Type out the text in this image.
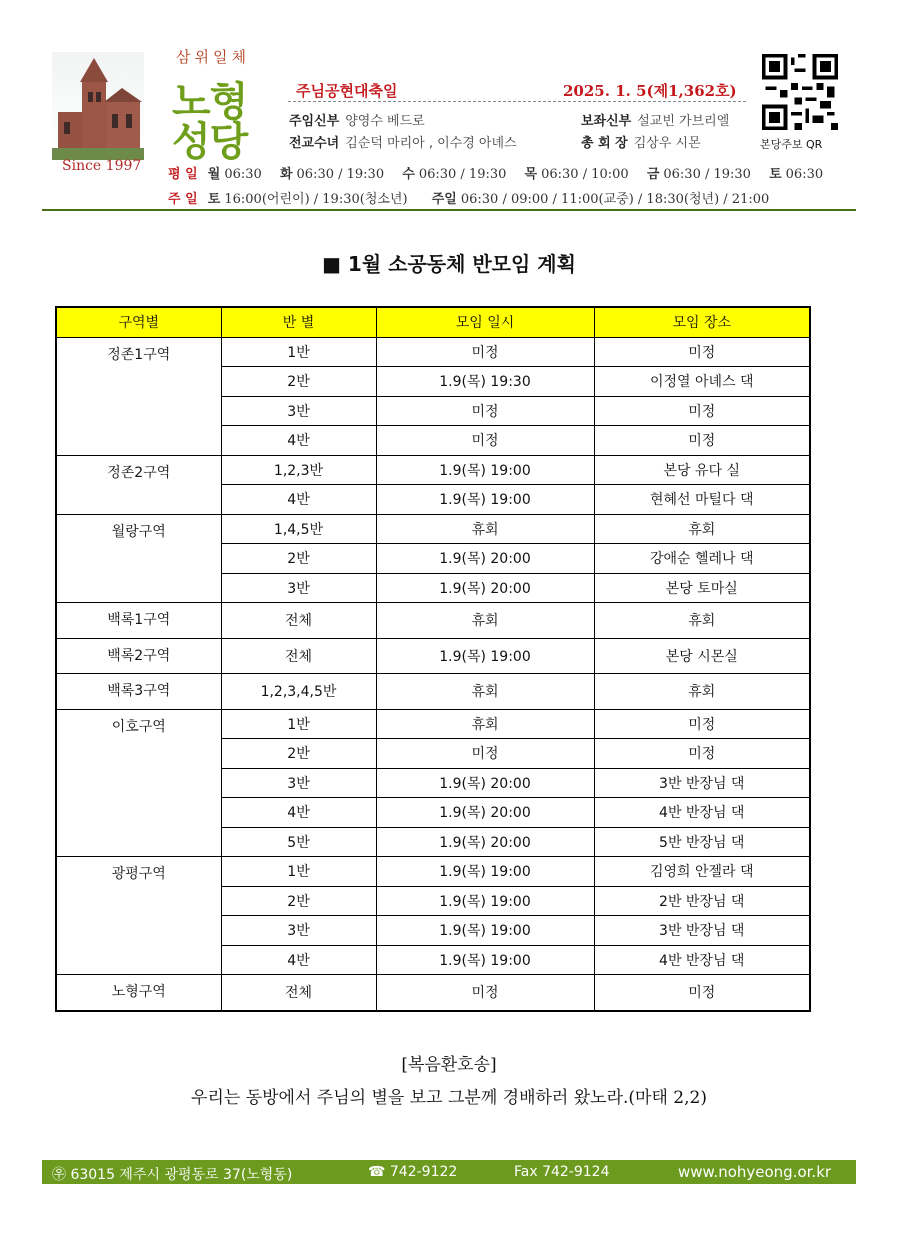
Since 1997
삼위일체
노형
성당
주님공현대축일	2025. 1. 5(제1,362호)
주임신부 양영수 베드로	보좌신부 설교빈 가브리엘
전교수녀 김순덕 마리아 , 이수경 아녜스	총 회 장 김상우 시몬	본당주보 QR
평 일 월 06:30 화 06:30 / 19:30 수 06:30 / 19:30 목 06:30 / 10:00 금 06:30 / 19:30 토 06:30
주 일 토 16:00(어린이) / 19:30(청소년) 주일 06:30 / 09:00 / 11:00(교중) / 18:30(청년) / 21:00
■ 1월 소공동체 반모임 계획
구역별	반 별	모임 일시	모임 장소
정존1구역	1반	미정	미정
	2반	1.9(목) 19:30	이정열 아녜스 댁
	3반	미정	미정
	4반	미정	미정
정존2구역	1,2,3반	1.9(목) 19:00	본당 유다 실
	4반	1.9(목) 19:00	현혜선 마틸다 댁
월랑구역	1,4,5반	휴회	휴회
	2반	1.9(목) 20:00	강애순 헬레나 댁
	3반	1.9(목) 20:00	본당 토마실
백록1구역	전체	휴회	휴회
백록2구역	전체	1.9(목) 19:00	본당 시몬실
백록3구역	1,2,3,4,5반	휴회	휴회
이호구역	1반	휴회	미정
	2반	미정	미정
	3반	1.9(목) 20:00	3반 반장님 댁
	4반	1.9(목) 20:00	4반 반장님 댁
	5반	1.9(목) 20:00	5반 반장님 댁
광평구역	1반	1.9(목) 19:00	김영희 안젤라 댁
	2반	1.9(목) 19:00	2반 반장님 댁
	3반	1.9(목) 19:00	3반 반장님 댁
	4반	1.9(목) 19:00	4반 반장님 댁
노형구역	전체	미정	미정
[복음환호송]
우리는 동방에서 주님의 별을 보고 그분께 경배하러 왔노라.(마태 2,2)
㉾ 63015 제주시 광평동로 37(노형동)	☎ 742-9122	Fax 742-9124	www.nohyeong.or.kr
